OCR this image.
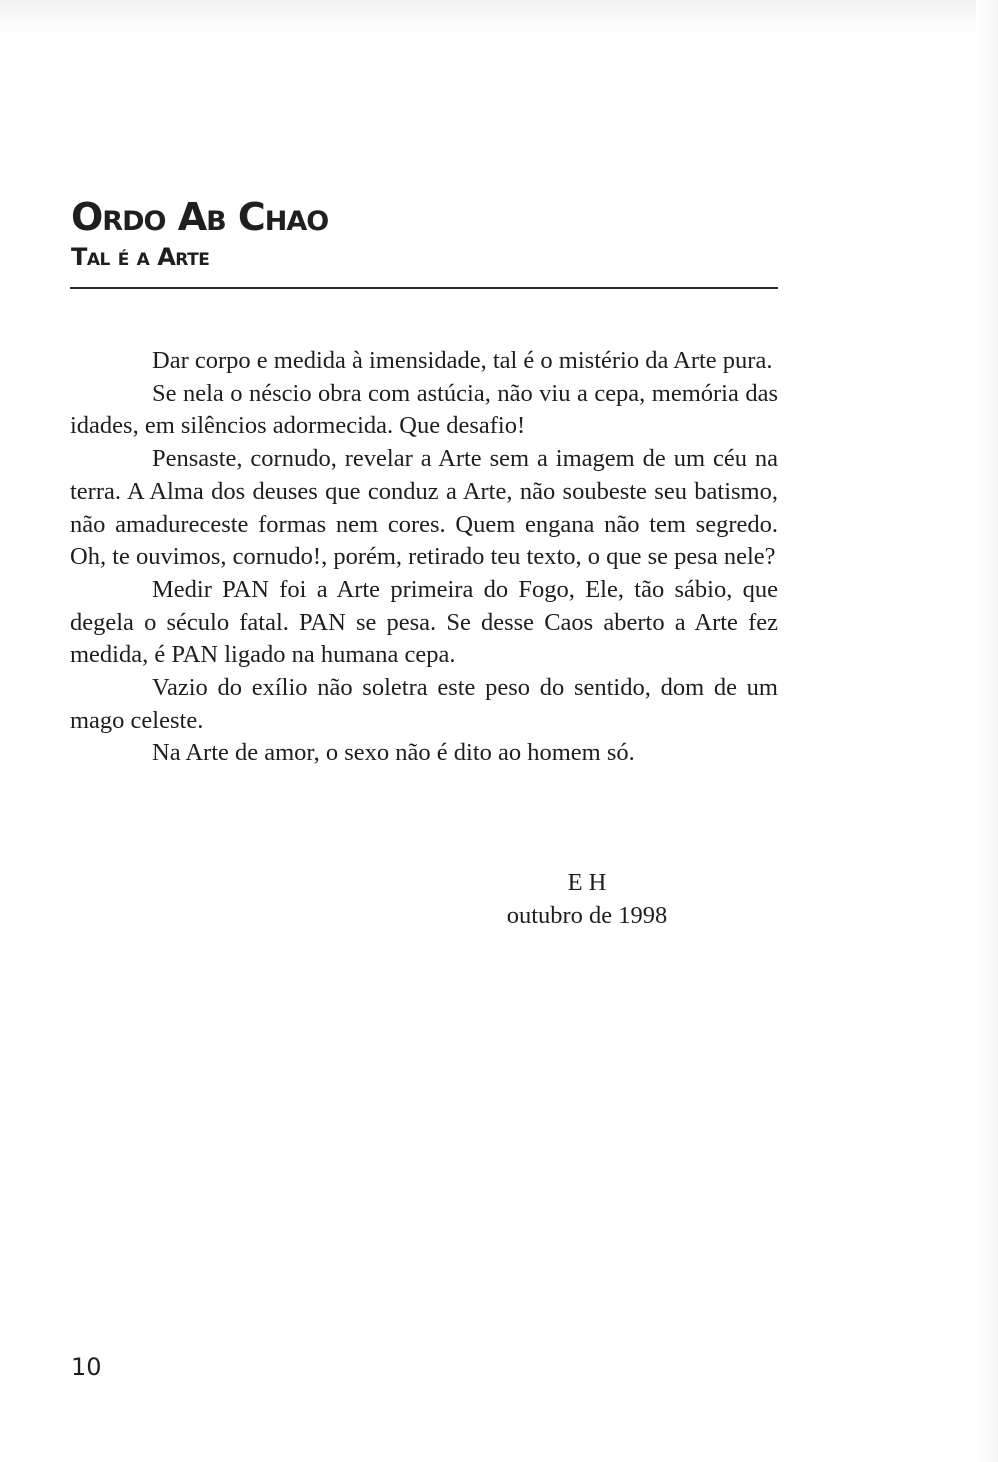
Ordo Ab Chao
Tal é a Arte

Dar corpo e medida à imensidade, tal é o mistério da Arte pura.

Se nela o néscio obra com astúcia, não viu a cepa, memória das idades, em silêncios adormecida. Que desafio!

Pensaste, cornudo, revelar a Arte sem a imagem de um céu na terra. A Alma dos deuses que conduz a Arte, não soubeste seu batismo, não amadureceste formas nem cores. Quem engana não tem segredo. Oh, te ouvimos, cornudo!, porém, retirado teu texto, o que se pesa nele?

Medir PAN foi a Arte primeira do Fogo, Ele, tão sábio, que degela o século fatal. PAN se pesa. Se desse Caos aberto a Arte fez medida, é PAN ligado na humana cepa.

Vazio do exílio não soletra este peso do sentido, dom de um mago celeste.

Na Arte de amor, o sexo não é dito ao homem só.

E H
outubro de 1998
10
